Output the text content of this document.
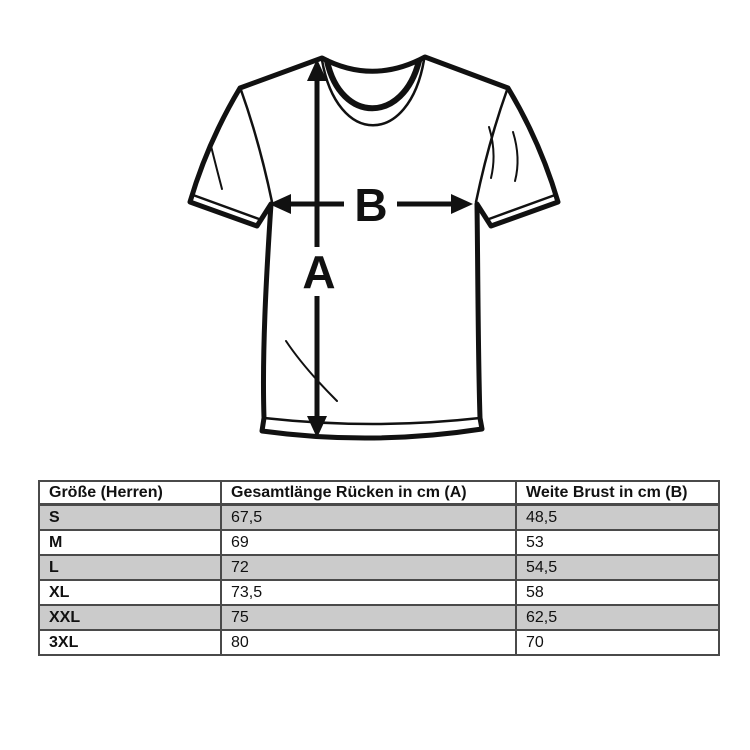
B
A
Größe (Herren)	Gesamtlänge Rücken in cm (A)	Weite Brust in cm (B)
S	67,5	48,5
M	69	53
L	72	54,5
XL	73,5	58
XXL	75	62,5
3XL	80	70
